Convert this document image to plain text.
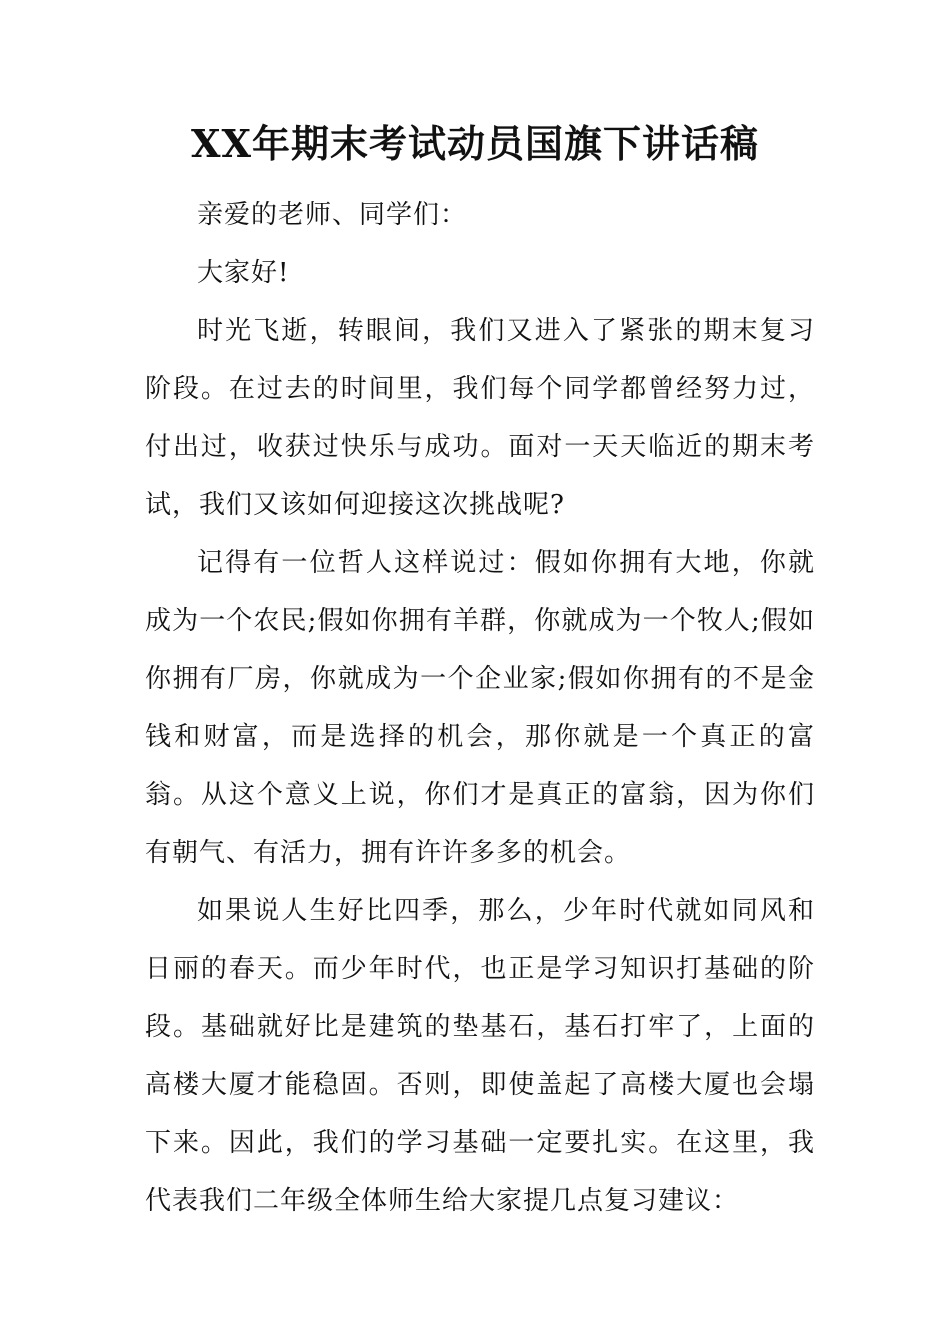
XX年期末考试动员国旗下讲话稿

亲爱的老师、同学们：

大家好!

时光飞逝，转眼间，我们又进入了紧张的期末复习阶段。在过去的时间里，我们每个同学都曾经努力过，付出过，收获过快乐与成功。面对一天天临近的期末考试，我们又该如何迎接这次挑战呢?

记得有一位哲人这样说过：假如你拥有大地，你就成为一个农民;假如你拥有羊群，你就成为一个牧人;假如你拥有厂房，你就成为一个企业家;假如你拥有的不是金钱和财富，而是选择的机会，那你就是一个真正的富翁。从这个意义上说，你们才是真正的富翁，因为你们有朝气、有活力，拥有许许多多的机会。

如果说人生好比四季，那么，少年时代就如同风和日丽的春天。而少年时代，也正是学习知识打基础的阶段。基础就好比是建筑的垫基石，基石打牢了，上面的高楼大厦才能稳固。否则，即使盖起了高楼大厦也会塌下来。因此，我们的学习基础一定要扎实。在这里，我代表我们二年级全体师生给大家提几点复习建议：
